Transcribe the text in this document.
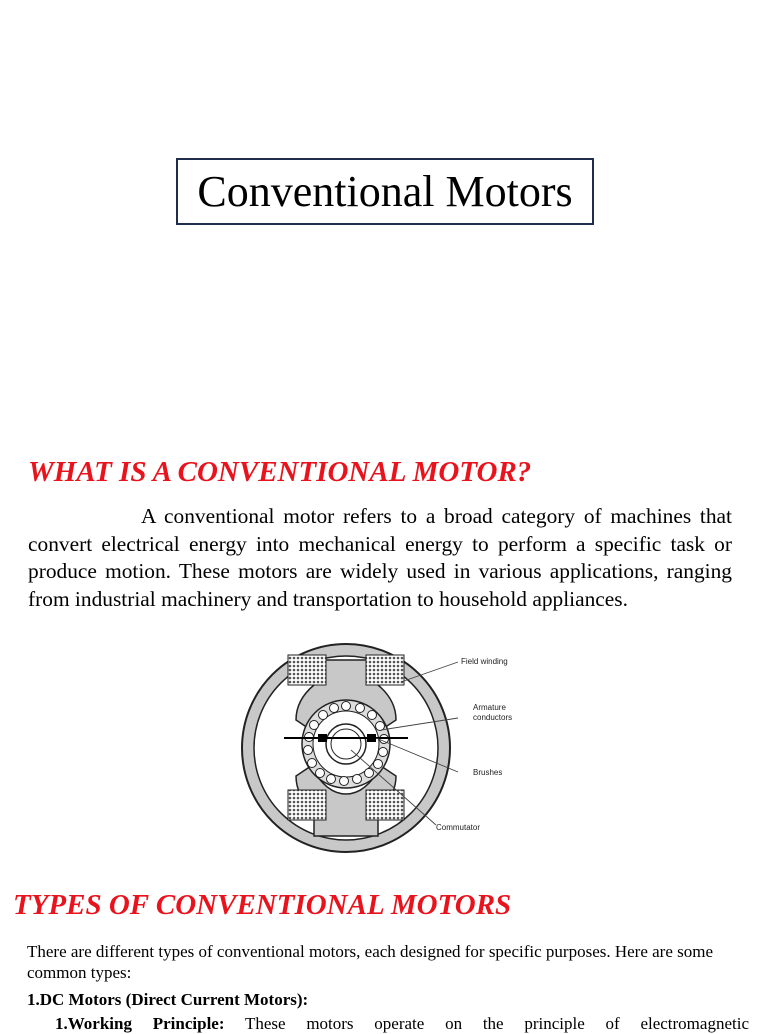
Conventional Motors
WHAT IS A CONVENTIONAL MOTOR?

A conventional motor refers to a broad category of machines that convert electrical energy into mechanical energy to perform a specific task or produce motion. These motors are widely used in various applications, ranging from industrial machinery and transportation to household appliances.

Field winding
Armature
conductors
Brushes
Commutator
TYPES OF CONVENTIONAL MOTORS

There are different types of conventional motors, each designed for specific purposes. Here are some common types:

1.DC Motors (Direct Current Motors):

1.Working Principle: These motors operate on the principle of electromagnetic
